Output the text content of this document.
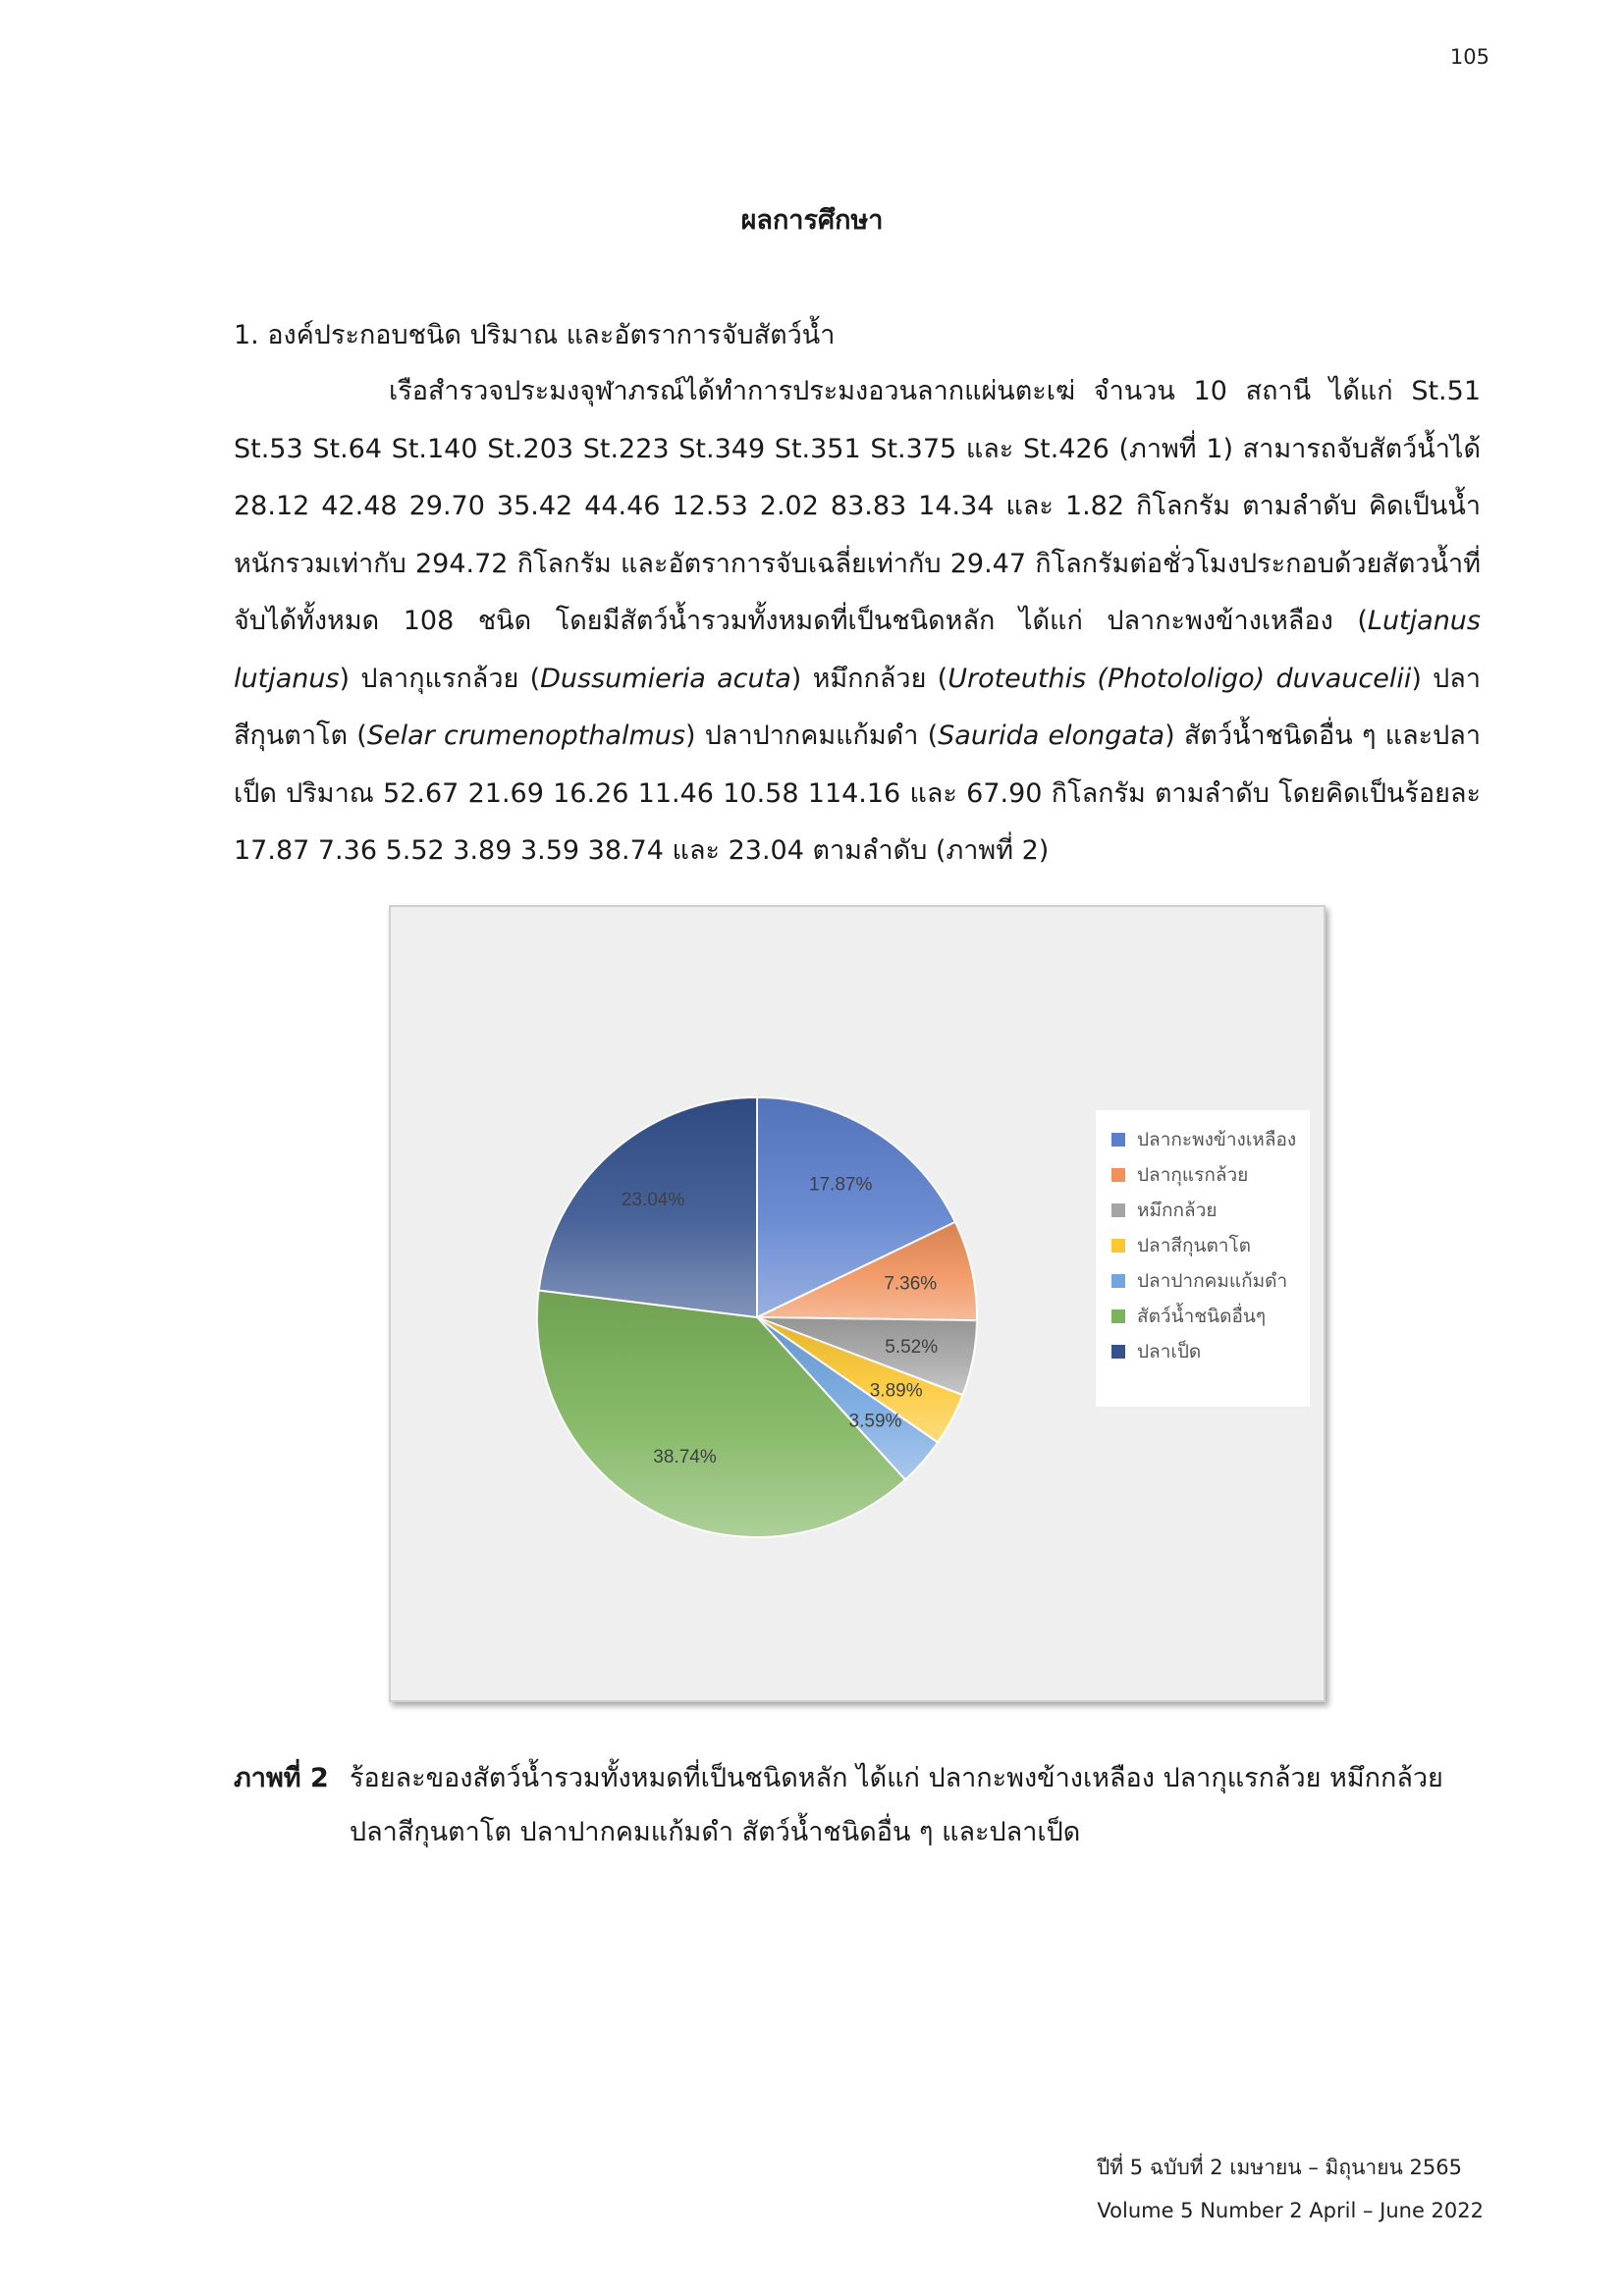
105
ผลการศึกษา
1. องค์ประกอบชนิด ปริมาณ และอัตราการจับสัตว์น้ำ

เรือสำรวจประมงจุฬาภรณ์ได้ทำการประมงอวนลากแผ่นตะเฆ่ จำนวน 10 สถานี ได้แก่ St.51 St.53 St.64 St.140 St.203 St.223 St.349 St.351 St.375 และ St.426 (ภาพที่ 1) สามารถจับสัตว์น้ำได้ 28.12 42.48 29.70 35.42 44.46 12.53 2.02 83.83 14.34 และ 1.82 กิโลกรัม ตามลำดับ คิดเป็นน้ำหนักรวมเท่ากับ 294.72 กิโลกรัม และอัตราการจับเฉลี่ยเท่ากับ 29.47 กิโลกรัมต่อชั่วโมงประกอบด้วยสัตวน้ำที่จับได้ทั้งหมด 108 ชนิด โดยมีสัตว์น้ำรวมทั้งหมดที่เป็นชนิดหลัก ได้แก่ ปลากะพงข้างเหลือง (Lutjanus lutjanus) ปลากุแรกล้วย (Dussumieria acuta) หมึกกล้วย (Uroteuthis (Photololigo) duvaucelii) ปลาสีกุนตาโต (Selar crumenopthalmus) ปลาปากคมแก้มดำ (Saurida elongata) สัตว์น้ำชนิดอื่น ๆ และปลาเป็ด ปริมาณ 52.67 21.69 16.26 11.46 10.58 114.16 และ 67.90 กิโลกรัม ตามลำดับ โดยคิดเป็นร้อยละ 17.87 7.36 5.52 3.89 3.59 38.74 และ 23.04 ตามลำดับ (ภาพที่ 2)

17.87%
7.36%
5.52%
3.89%
3.59%
38.74%
23.04%
ปลากะพงข้างเหลือง
ปลากุแรกล้วย
หมึกกล้วย
ปลาสีกุนตาโต
ปลาปากคมแก้มดำ
สัตว์น้ำชนิดอื่นๆ
ปลาเป็ด
ภาพที่ 2 ร้อยละของสัตว์น้ำรวมทั้งหมดที่เป็นชนิดหลัก ได้แก่ ปลากะพงข้างเหลือง ปลากุแรกล้วย หมึกกล้วย
ปลาสีกุนตาโต ปลาปากคมแก้มดำ สัตว์น้ำชนิดอื่น ๆ และปลาเป็ด
ปีที่ 5 ฉบับที่ 2 เมษายน – มิถุนายน 2565
Volume 5 Number 2 April – June 2022
